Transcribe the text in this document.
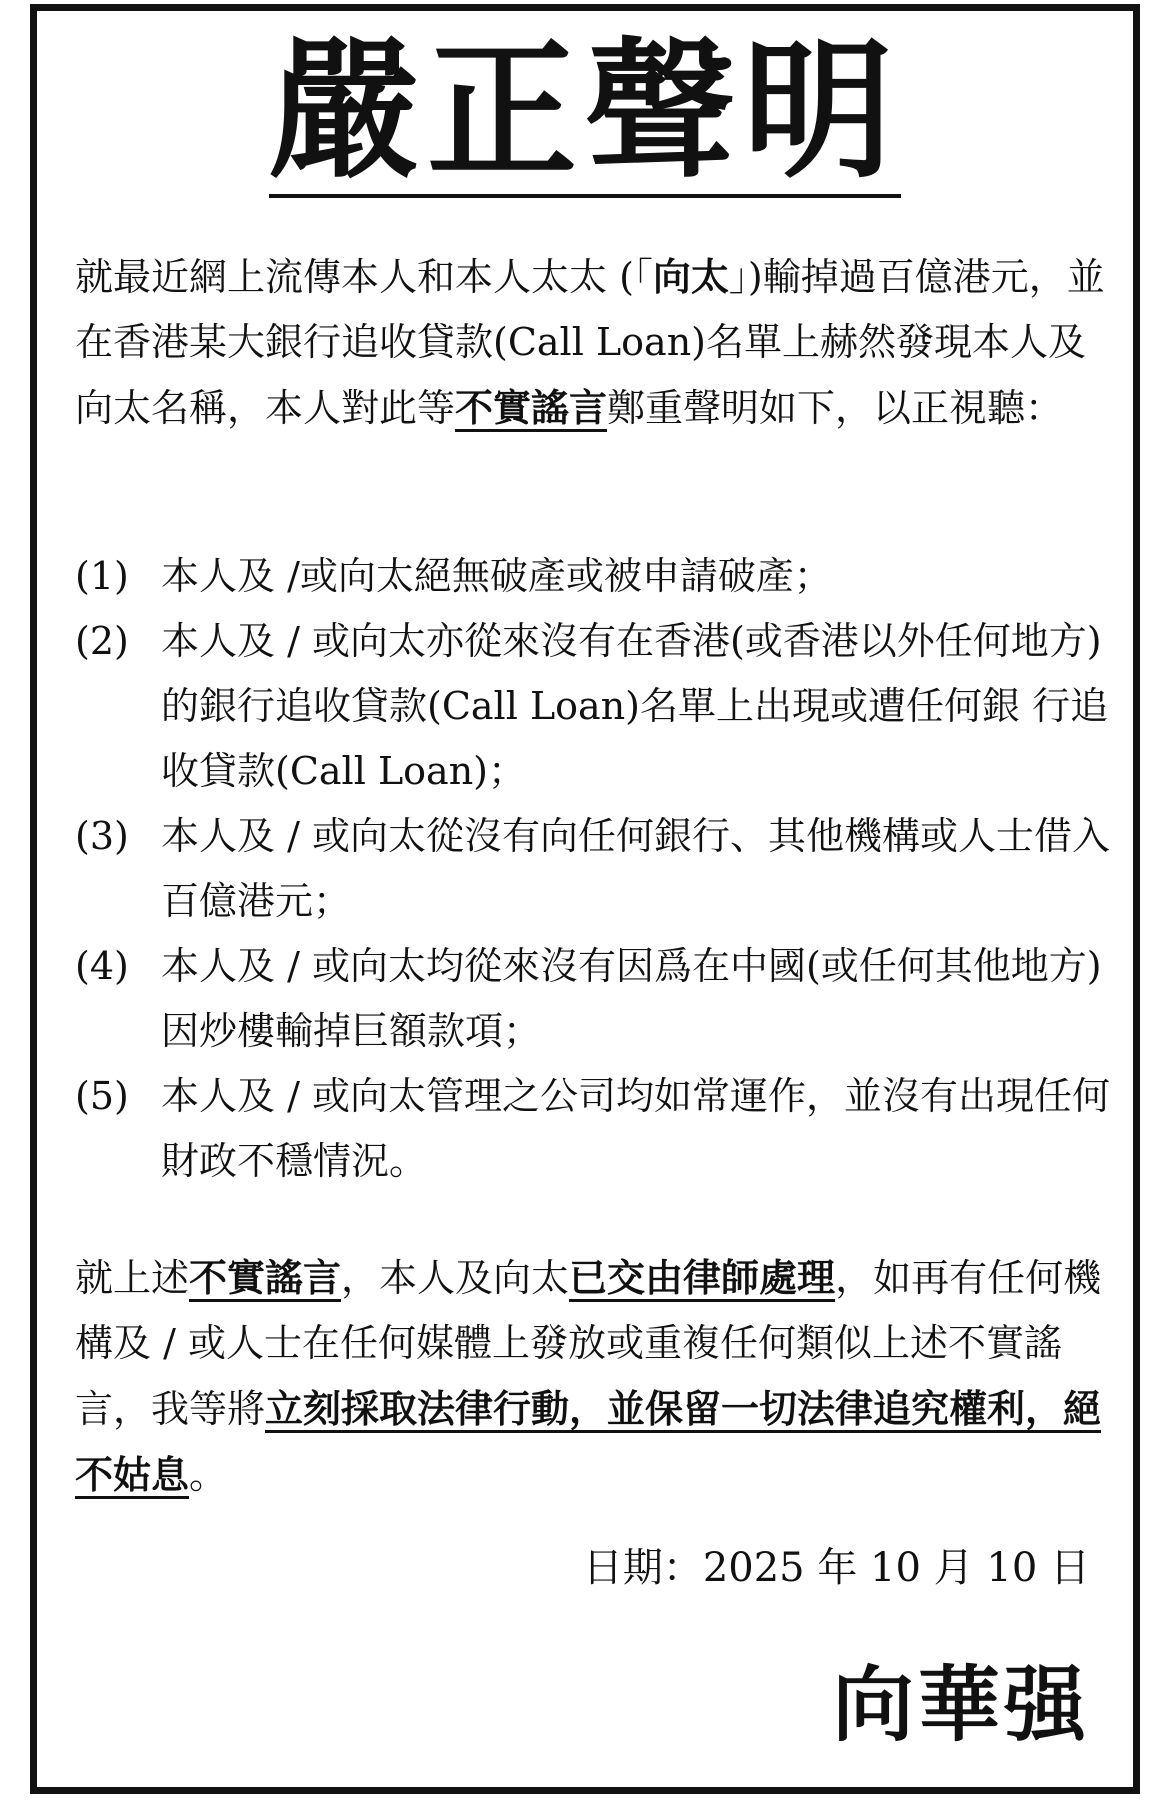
嚴正聲明
就最近網上流傳本人和本人太太 (「向太」)輸掉過百億港元，並在香港某大銀行追收貸款(Call Loan)名單上赫然發現本人及向太名稱，本人對此等不實謠言鄭重聲明如下，以正視聽：
(1) 本人及 /或向太絕無破產或被申請破產；
(2) 本人及 / 或向太亦從來沒有在香港(或香港以外任何地方)的銀行追收貸款(Call Loan)名單上出現或遭任何銀 行追收貸款(Call Loan)；
(3) 本人及 / 或向太從沒有向任何銀行、其他機構或人士借入百億港元；
(4) 本人及 / 或向太均從來沒有因爲在中國(或任何其他地方)因炒樓輸掉巨額款項；
(5) 本人及 / 或向太管理之公司均如常運作，並沒有出現任何財政不穩情況。
就上述不實謠言，本人及向太已交由律師處理，如再有任何機構及 / 或人士在任何媒體上發放或重複任何類似上述不實謠言，我等將立刻採取法律行動，並保留一切法律追究權利，絕不姑息。
日期：2025 年 10 月 10 日
向華强
